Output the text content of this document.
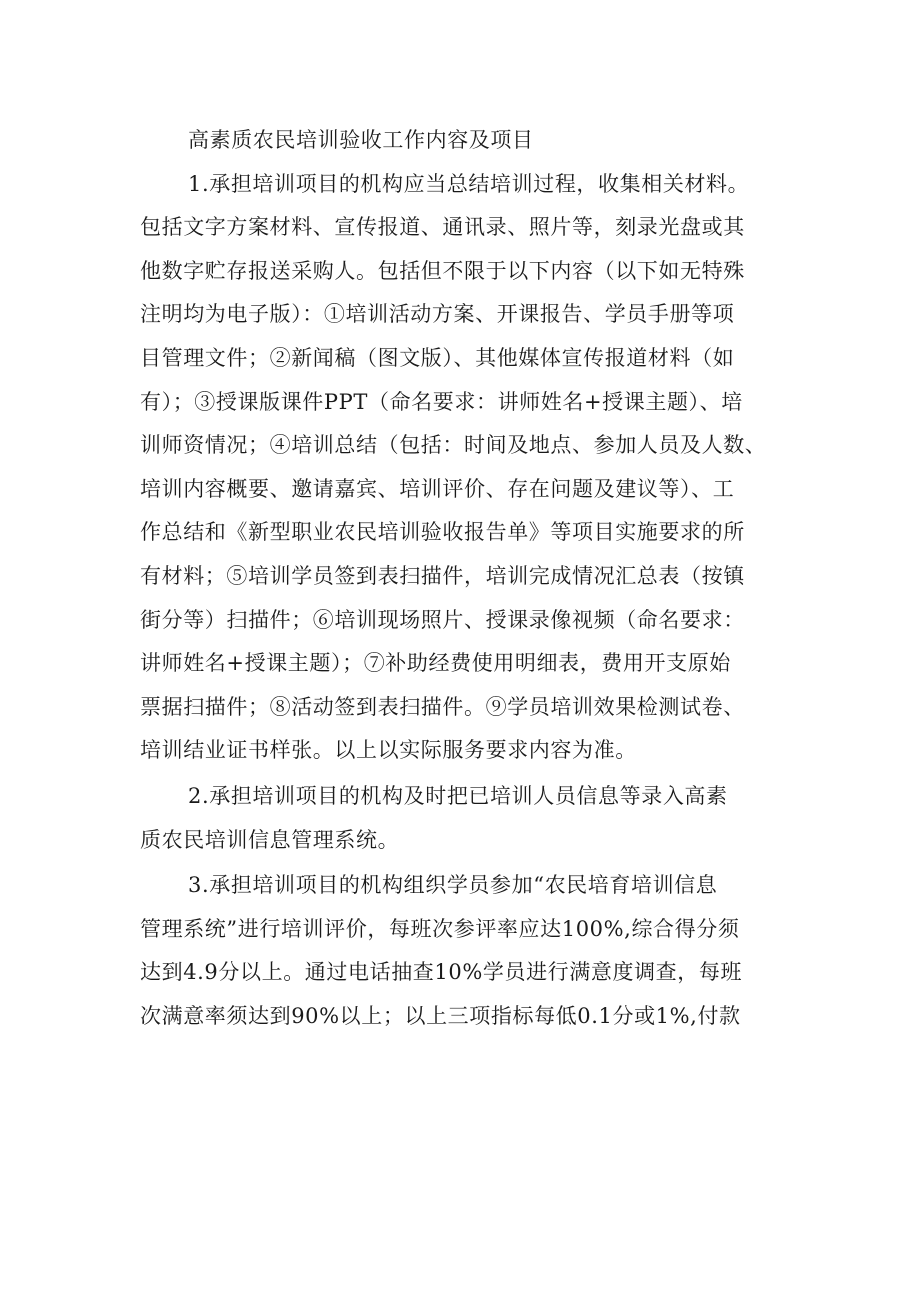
高素质农民培训验收工作内容及项目
1.承担培训项目的机构应当总结培训过程，收集相关材料。
包括文字方案材料、宣传报道、通讯录、照片等，刻录光盘或其
他数字贮存报送采购人。包括但不限于以下内容（以下如无特殊
注明均为电子版）：①培训活动方案、开课报告、学员手册等项
目管理文件；②新闻稿（图文版）、其他媒体宣传报道材料（如
有）；③授课版课件PPT（命名要求：讲师姓名+授课主题）、培
训师资情况；④培训总结（包括：时间及地点、参加人员及人数、
培训内容概要、邀请嘉宾、培训评价、存在问题及建议等）、工
作总结和《新型职业农民培训验收报告单》等项目实施要求的所
有材料；⑤培训学员签到表扫描件，培训完成情况汇总表（按镇
街分等）扫描件；⑥培训现场照片、授课录像视频（命名要求：
讲师姓名+授课主题）；⑦补助经费使用明细表，费用开支原始
票据扫描件；⑧活动签到表扫描件。⑨学员培训效果检测试卷、
培训结业证书样张。以上以实际服务要求内容为准。
2.承担培训项目的机构及时把已培训人员信息等录入高素
质农民培训信息管理系统。
3.承担培训项目的机构组织学员参加“农民培育培训信息
管理系统”进行培训评价，每班次参评率应达100%,综合得分须
达到4.9分以上。通过电话抽查10%学员进行满意度调查，每班
次满意率须达到90%以上；以上三项指标每低0.1分或1%,付款
